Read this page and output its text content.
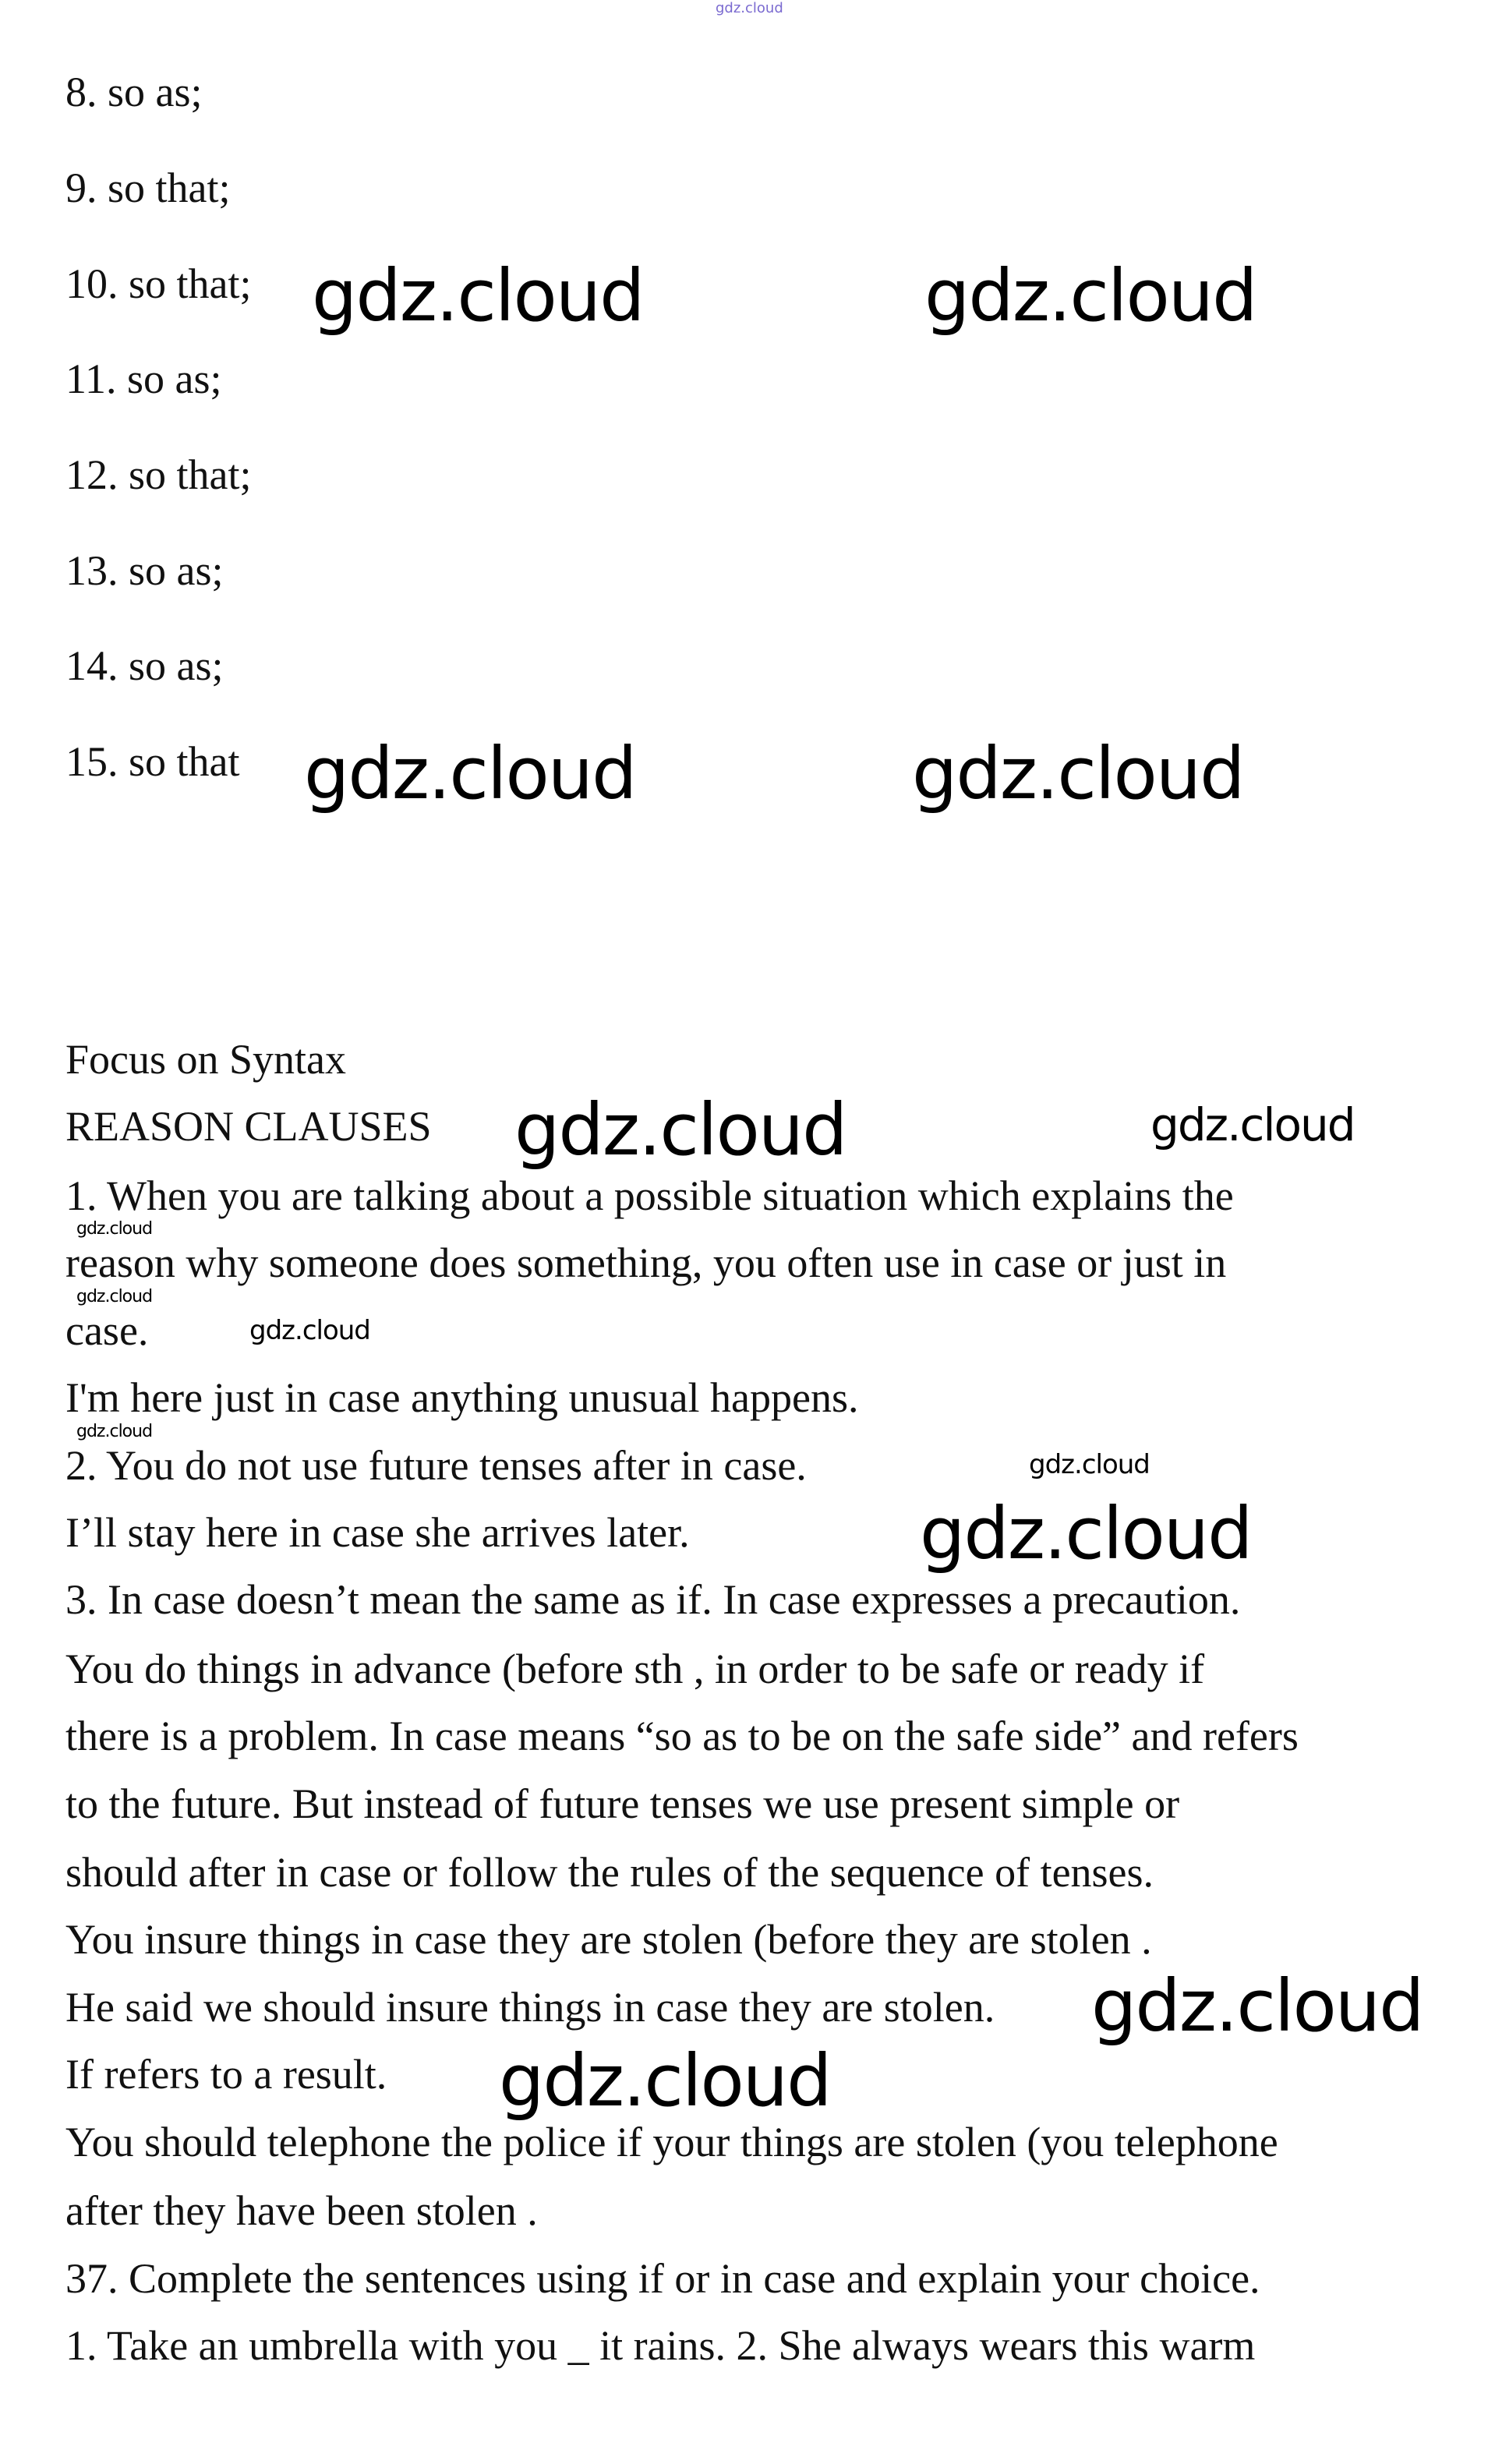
gdz.cloud
8. so as;
9. so that;
10. so that;
11. so as;
12. so that;
13. so as;
14. so as;
15. so that
Focus on Syntax
REASON CLAUSES
1. When you are talking about a possible situation which explains the
reason why someone does something, you often use in case or just in
case.
I'm here just in case anything unusual happens.
2. You do not use future tenses after in case.
I’ll stay here in case she arrives later.
3. In case doesn’t mean the same as if. In case expresses a precaution.
You do things in advance (before sth , in order to be safe or ready if
there is a problem. In case means “so as to be on the safe side” and refers
to the future. But instead of future tenses we use present simple or
should after in case or follow the rules of the sequence of tenses.
You insure things in case they are stolen (before they are stolen .
He said we should insure things in case they are stolen.
If refers to a result.
You should telephone the police if your things are stolen (you telephone
after they have been stolen .
37. Complete the sentences using if or in case and explain your choice.
1. Take an umbrella with you _ it rains. 2. She always wears this warm
gdz.cloud	gdz.cloud
gdz.cloud	gdz.cloud
gdz.cloud	gdz.cloud
gdz.cloud
gdz.cloud
gdz.cloud
gdz.cloud
gdz.cloud
gdz.cloud
gdz.cloud
gdz.cloud
